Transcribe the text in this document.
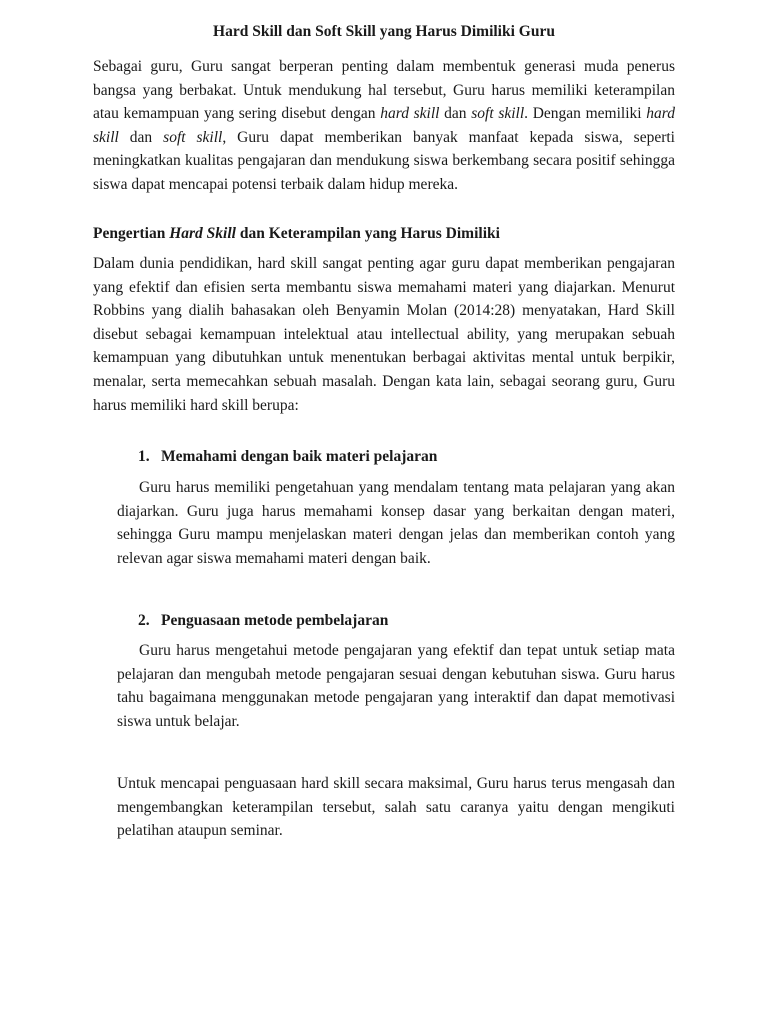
Hard Skill dan Soft Skill yang Harus Dimiliki Guru

Sebagai guru, Guru sangat berperan penting dalam membentuk generasi muda penerus bangsa yang berbakat. Untuk mendukung hal tersebut, Guru harus memiliki keterampilan atau kemampuan yang sering disebut dengan hard skill dan soft skill. Dengan memiliki hard skill dan soft skill, Guru dapat memberikan banyak manfaat kepada siswa, seperti meningkatkan kualitas pengajaran dan mendukung siswa berkembang secara positif sehingga siswa dapat mencapai potensi terbaik dalam hidup mereka.

Pengertian Hard Skill dan Keterampilan yang Harus Dimiliki

Dalam dunia pendidikan, hard skill sangat penting agar guru dapat memberikan pengajaran yang efektif dan efisien serta membantu siswa memahami materi yang diajarkan. Menurut Robbins yang dialih bahasakan oleh Benyamin Molan (2014:28) menyatakan, Hard Skill disebut sebagai kemampuan intelektual atau intellectual ability, yang merupakan sebuah kemampuan yang dibutuhkan untuk menentukan berbagai aktivitas mental untuk berpikir, menalar, serta memecahkan sebuah masalah. Dengan kata lain, sebagai seorang guru, Guru harus memiliki hard skill berupa:

1. Memahami dengan baik materi pelajaran

Guru harus memiliki pengetahuan yang mendalam tentang mata pelajaran yang akan diajarkan. Guru juga harus memahami konsep dasar yang berkaitan dengan materi, sehingga Guru mampu menjelaskan materi dengan jelas dan memberikan contoh yang relevan agar siswa memahami materi dengan baik.

2. Penguasaan metode pembelajaran

Guru harus mengetahui metode pengajaran yang efektif dan tepat untuk setiap mata pelajaran dan mengubah metode pengajaran sesuai dengan kebutuhan siswa. Guru harus tahu bagaimana menggunakan metode pengajaran yang interaktif dan dapat memotivasi siswa untuk belajar.

Untuk mencapai penguasaan hard skill secara maksimal, Guru harus terus mengasah dan mengembangkan keterampilan tersebut, salah satu caranya yaitu dengan mengikuti pelatihan ataupun seminar.
